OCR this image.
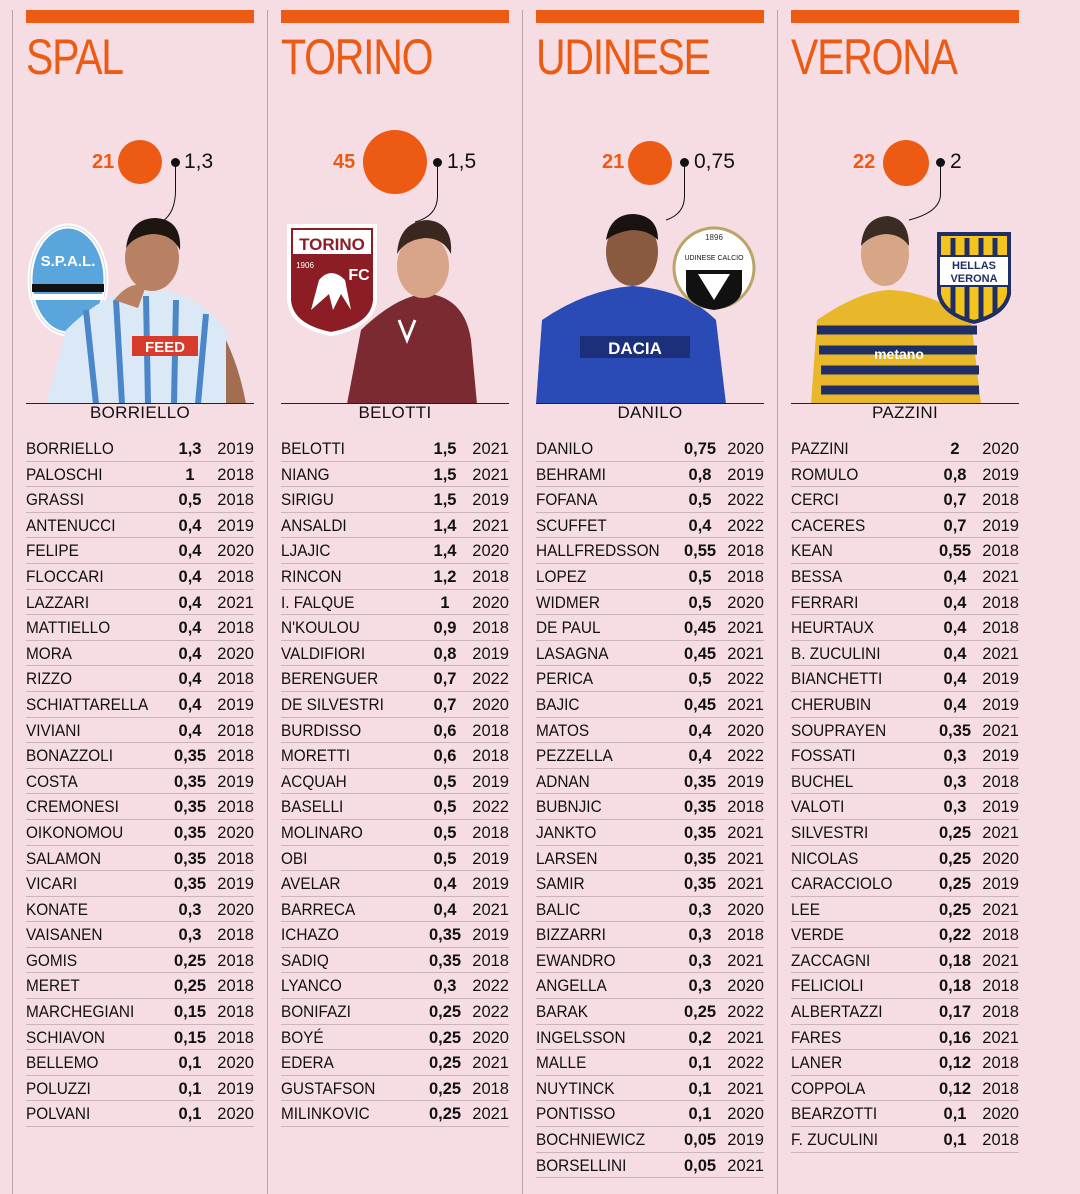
SPAL
21	1,3
S.P.A.L.
FEED
BORRIELLO
BORRIELLO	1,3 2019
PALOSCHI	1	2018
GRASSI	0,5 2018
ANTENUCCI	0,4 2019
FELIPE	0,4 2020
FLOCCARI	0,4 2018
LAZZARI	0,4 2021
MATTIELLO	0,4 2018
MORA	0,4 2020
RIZZO	0,4 2018
SCHIATTARELLA	0,4 2019
VIVIANI	0,4 2018
BONAZZOLI	0,35 2018
COSTA	0,35 2019
CREMONESI	0,35 2018
OIKONOMOU	0,35 2020
SALAMON	0,35 2018
VICARI	0,35 2019
KONATE	0,3 2020
VAISANEN	0,3 2018
GOMIS	0,25 2018
MERET	0,25 2018
MARCHEGIANI	0,15 2018
SCHIAVON	0,15 2018
BELLEMO	0,1 2020
POLUZZI	0,1 2019
POLVANI	0,1 2020
TORINO
45	1,5
TORINO
1906
FC
BELOTTI
BELOTTI	1,5 2021
NIANG	1,5 2021
SIRIGU	1,5 2019
ANSALDI	1,4 2021
LJAJIC	1,4 2020
RINCON	1,2 2018
I. FALQUE	1	2020
N'KOULOU	0,9 2018
VALDIFIORI	0,8 2019
BERENGUER	0,7 2022
DE SILVESTRI	0,7 2020
BURDISSO	0,6 2018
MORETTI	0,6 2018
ACQUAH	0,5 2019
BASELLI	0,5 2022
MOLINARO	0,5 2018
OBI	0,5 2019
AVELAR	0,4 2019
BARRECA	0,4 2021
ICHAZO	0,35 2019
SADIQ	0,35 2018
LYANCO	0,3 2022
BONIFAZI	0,25 2022
BOYÉ	0,25 2020
EDERA	0,25 2021
GUSTAFSON	0,25 2018
MILINKOVIC	0,25 2021
UDINESE
21	0,75
DACIA
1896
UDINESE CALCIO
DANILO
DANILO	0,75 2020
BEHRAMI	0,8 2019
FOFANA	0,5 2022
SCUFFET	0,4 2022
HALLFREDSSON	0,55 2018
LOPEZ	0,5 2018
WIDMER	0,5 2020
DE PAUL	0,45 2021
LASAGNA	0,45 2021
PERICA	0,5 2022
BAJIC	0,45 2021
MATOS	0,4 2020
PEZZELLA	0,4 2022
ADNAN	0,35 2019
BUBNJIC	0,35 2018
JANKTO	0,35 2021
LARSEN	0,35 2021
SAMIR	0,35 2021
BALIC	0,3 2020
BIZZARRI	0,3 2018
EWANDRO	0,3 2021
ANGELLA	0,3 2020
BARAK	0,25 2022
INGELSSON	0,2 2021
MALLE	0,1 2022
NUYTINCK	0,1 2021
PONTISSO	0,1 2020
BOCHNIEWICZ	0,05 2019
BORSELLINI	0,05 2021
VERONA
22	2
metano
HELLAS
VERONA
PAZZINI
PAZZINI	2	2020
ROMULO	0,8 2019
CERCI	0,7 2018
CACERES	0,7 2019
KEAN	0,55 2018
BESSA	0,4 2021
FERRARI	0,4 2018
HEURTAUX	0,4 2018
B. ZUCULINI	0,4 2021
BIANCHETTI	0,4 2019
CHERUBIN	0,4 2019
SOUPRAYEN	0,35 2021
FOSSATI	0,3 2019
BUCHEL	0,3 2018
VALOTI	0,3 2019
SILVESTRI	0,25 2021
NICOLAS	0,25 2020
CARACCIOLO	0,25 2019
LEE	0,25 2021
VERDE	0,22 2018
ZACCAGNI	0,18 2021
FELICIOLI	0,18 2018
ALBERTAZZI	0,17 2018
FARES	0,16 2021
LANER	0,12 2018
COPPOLA	0,12 2018
BEARZOTTI	0,1 2020
F. ZUCULINI	0,1 2018
